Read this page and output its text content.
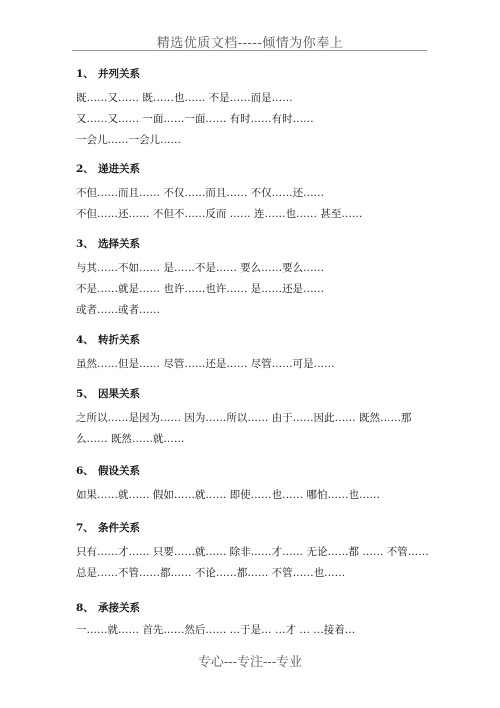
精选优质文档-----倾情为你奉上
1、 并列关系
既……又…… 既……也…… 不是……而是……
又……又…… 一面……一面…… 有时……有时……
一会儿……一会儿……
2、 递进关系
不但……而且…… 不仅……而且…… 不仅……还……
不但……还…… 不但不……反而 …… 连……也…… 甚至……
3、 选择关系
与其……不如…… 是……不是…… 要么……要么……
不是……就是…… 也许……也许…… 是……还是……
或者……或者……
4、 转折关系
虽然……但是…… 尽管……还是…… 尽管……可是……
5、 因果关系
之所以……是因为…… 因为……所以…… 由于……因此…… 既然……那
么…… 既然……就……
6、 假设关系
如果……就…… 假如……就…… 即使……也…… 哪怕……也……
7、 条件关系
只有……才…… 只要……就…… 除非……才…… 无论……都 …… 不管……
总是……不管……都…… 不论……都…… 不管……也……
8、 承接关系
一……就…… 首先……然后…… …于是… …才 … …接着…
专心---专注---专业
